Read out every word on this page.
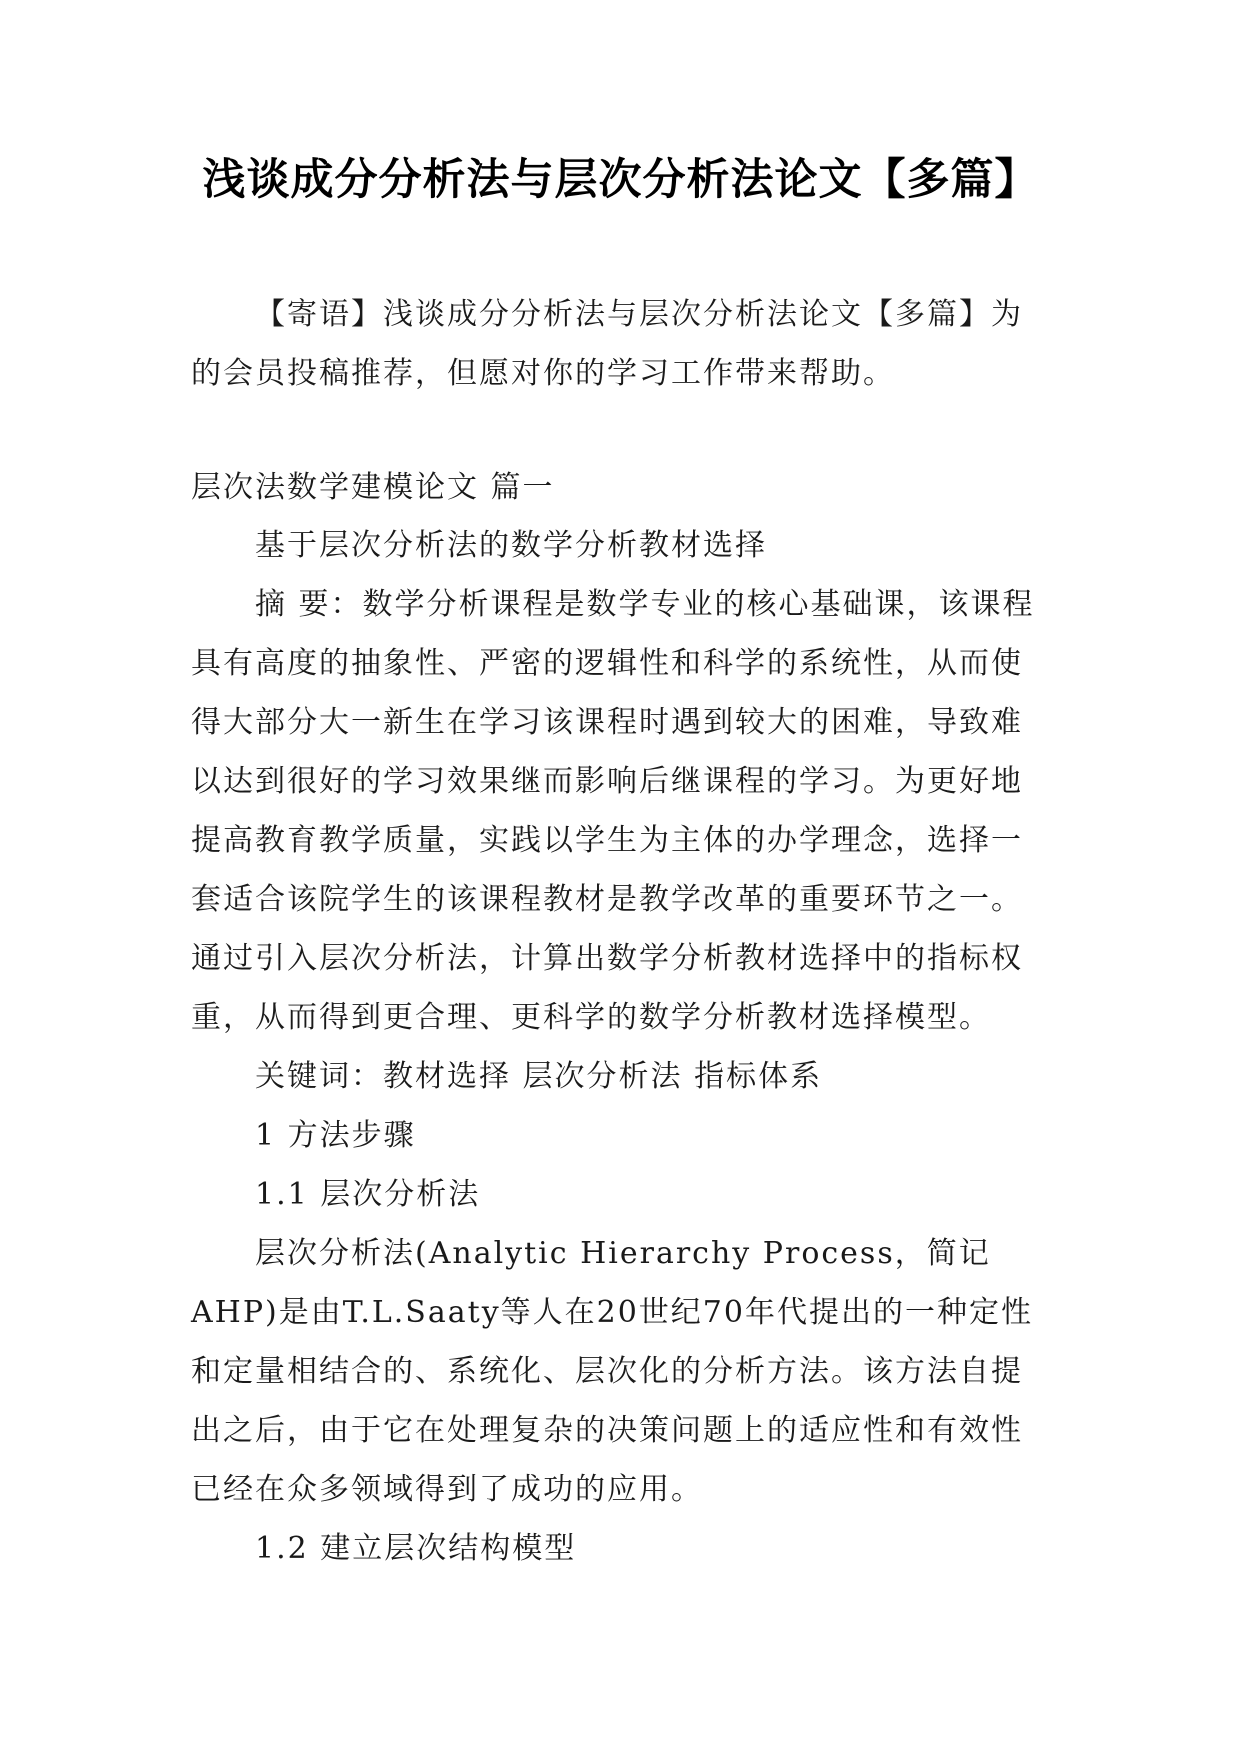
浅谈成分分析法与层次分析法论文【多篇】

【寄语】浅谈成分分析法与层次分析法论文【多篇】为的会员投稿推荐，但愿对你的学习工作带来帮助。

层次法数学建模论文 篇一

基于层次分析法的数学分析教材选择

摘 要：数学分析课程是数学专业的核心基础课，该课程具有高度的抽象性、严密的逻辑性和科学的系统性，从而使得大部分大一新生在学习该课程时遇到较大的困难，导致难以达到很好的学习效果继而影响后继课程的学习。为更好地提高教育教学质量，实践以学生为主体的办学理念，选择一套适合该院学生的该课程教材是教学改革的重要环节之一。通过引入层次分析法，计算出数学分析教材选择中的指标权重，从而得到更合理、更科学的数学分析教材选择模型。

关键词：教材选择 层次分析法 指标体系

1 方法步骤

1.1 层次分析法

层次分析法(Analytic Hierarchy Process，简记AHP)是由T.L.Saaty等人在20世纪70年代提出的一种定性和定量相结合的、系统化、层次化的分析方法。该方法自提出之后，由于它在处理复杂的决策问题上的适应性和有效性已经在众多领域得到了成功的应用。

1.2 建立层次结构模型
